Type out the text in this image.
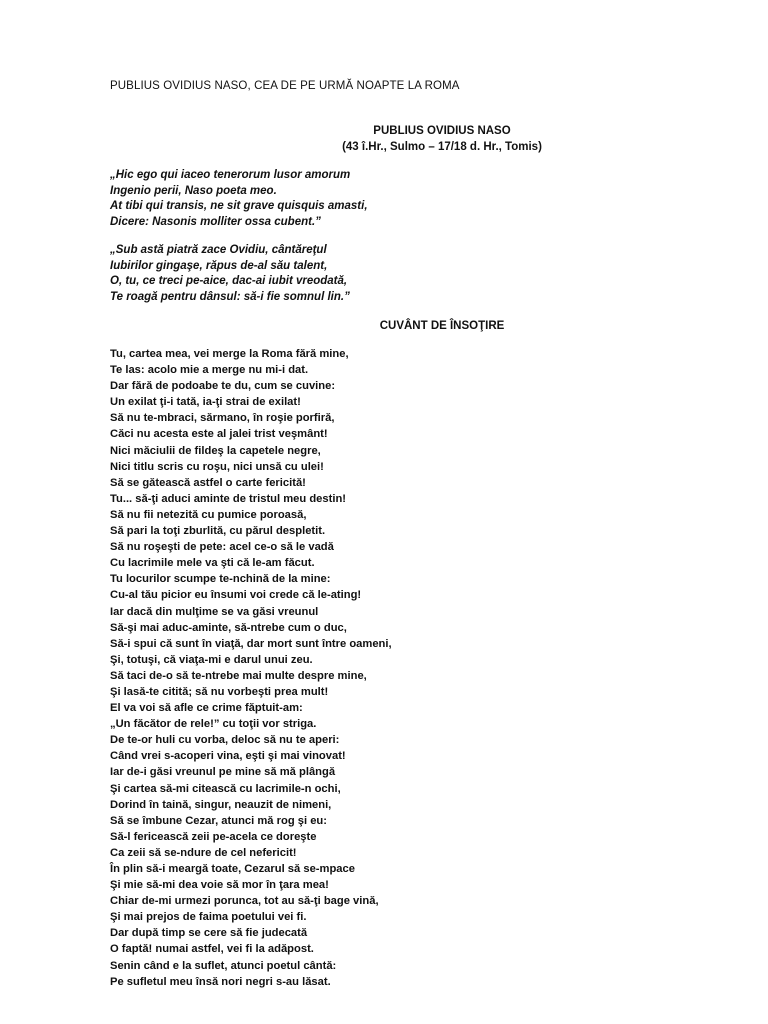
PUBLIUS OVIDIUS NASO, CEA DE PE URMĂ NOAPTE LA ROMA
PUBLIUS OVIDIUS NASO
(43 î.Hr., Sulmo – 17/18 d. Hr., Tomis)
„Hic ego qui iaceo tenerorum lusor amorum
Ingenio perii, Naso poeta meo.
At tibi qui transis, ne sit grave quisquis amasti,
Dicere: Nasonis molliter ossa cubent.”
„Sub astă piatră zace Ovidiu, cântăreţul
Iubirilor gingaşe, răpus de-al său talent,
O, tu, ce treci pe-aice, dac-ai iubit vreodată,
Te roagă pentru dânsul: să-i fie somnul lin.”
CUVÂNT DE ÎNSOŢIRE
Tu, cartea mea, vei merge la Roma fără mine,
Te las: acolo mie a merge nu mi-i dat.
Dar fără de podoabe te du, cum se cuvine:
Un exilat ţi-i tată, ia-ţi strai de exilat!
Să nu te-mbraci, sărmano, în roşie porfiră,
Căci nu acesta este al jalei trist veşmânt!
Nici măciulii de fildeş la capetele negre,
Nici titlu scris cu roşu, nici unsă cu ulei!
Să se gătească astfel o carte fericită!
Tu... să-ţi aduci aminte de tristul meu destin!
Să nu fii netezită cu pumice poroasă,
Să pari la toţi zburlită, cu părul despletit.
Să nu roşeşti de pete: acel ce-o să le vadă
Cu lacrimile mele va şti că le-am făcut.
Tu locurilor scumpe te-nchină de la mine:
Cu-al tău picior eu însumi voi crede că le-ating!
Iar dacă din mulţime se va găsi vreunul
Să-şi mai aduc-aminte, să-ntrebe cum o duc,
Să-i spui că sunt în viaţă, dar mort sunt între oameni,
Şi, totuşi, că viaţa-mi e darul unui zeu.
Să taci de-o să te-ntrebe mai multe despre mine,
Şi lasă-te citită; să nu vorbeşti prea mult!
El va voi să afle ce crime făptuit-am:
„Un făcător de rele!” cu toţii vor striga.
De te-or huli cu vorba, deloc să nu te aperi:
Când vrei s-acoperi vina, eşti şi mai vinovat!
Iar de-i găsi vreunul pe mine să mă plângă
Şi cartea să-mi citească cu lacrimile-n ochi,
Dorind în taină, singur, neauzit de nimeni,
Să se îmbune Cezar, atunci mă rog şi eu:
Să-l fericească zeii pe-acela ce doreşte
Ca zeii să se-ndure de cel nefericit!
În plin să-i meargă toate, Cezarul să se-mpace
Şi mie să-mi dea voie să mor în ţara mea!
Chiar de-mi urmezi porunca, tot au să-ţi bage vină,
Şi mai prejos de faima poetului vei fi.
Dar după timp se cere să fie judecată
O faptă! numai astfel, vei fi la adăpost.
Senin când e la suflet, atunci poetul cântă:
Pe sufletul meu însă nori negri s-au lăsat.
